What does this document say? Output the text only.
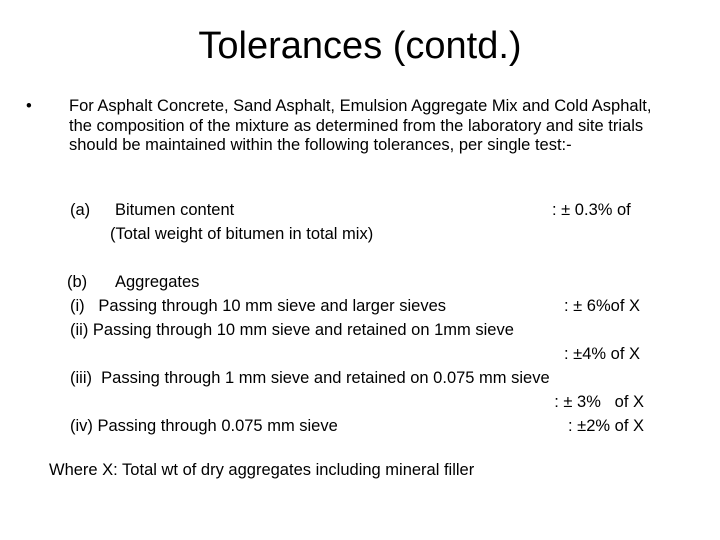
Tolerances (contd.)
• For Asphalt Concrete, Sand Asphalt, Emulsion Aggregate Mix and Cold Asphalt, the composition of the mixture as determined from the laboratory and site trials should be maintained within the following tolerances, per single test:-
(a) Bitumen content
(Total weight of bitumen in total mix)
: ± 0.3% of
(b) Aggregates
(i)   Passing through 10 mm sieve and larger sieves	: ± 6%of X
(ii) Passing through 10 mm sieve and retained on 1mm sieve
: ±4% of X
(iii)  Passing through 1 mm sieve and retained on 0.075 mm sieve
: ± 3%   of X
(iv) Passing through 0.075 mm sieve	: ±2% of X
Where X: Total wt of dry aggregates including mineral filler
